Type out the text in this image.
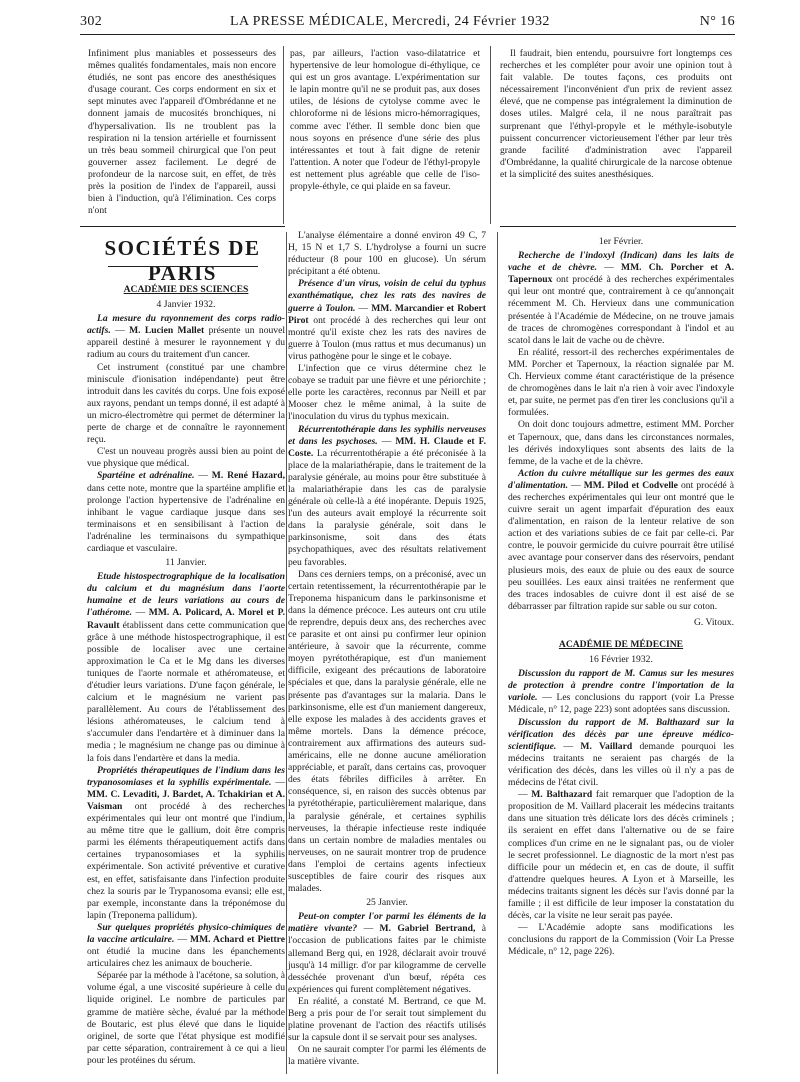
302	LA PRESSE MÉDICALE, Mercredi, 24 Février 1932	N° 16

Infiniment plus maniables et possesseurs des mêmes qualités fondamentales, mais non encore étudiés, ne sont pas encore des anesthésiques d'usage courant. Ces corps endorment en six et sept minutes avec l'appareil d'Ombrédanne et ne donnent jamais de mucosités bronchiques, ni d'hypersalivation. Ils ne troublent pas la respiration ni la tension artérielle et fournissent un très beau sommeil chirurgical que l'on peut gouverner assez facilement. Le degré de profondeur de la narcose suit, en effet, de très près la position de l'index de l'appareil, aussi bien à l'induction, qu'à l'élimination. Ces corps n'ont

pas, par ailleurs, l'action vaso-dilatatrice et hypertensive de leur homologue di-éthylique, ce qui est un gros avantage. L'expérimentation sur le lapin montre qu'il ne se produit pas, aux doses utiles, de lésions de cytolyse comme avec le chloroforme ni de lésions micro-hémorragiques, comme avec l'éther. Il semble donc bien que nous soyons en présence d'une série des plus intéressantes et tout à fait digne de retenir l'attention. A noter que l'odeur de l'éthyl-propyle est nettement plus agréable que celle de l'iso-propyle-éthyle, ce qui plaide en sa faveur.

Il faudrait, bien entendu, poursuivre fort longtemps ces recherches et les compléter pour avoir une opinion tout à fait valable. De toutes façons, ces produits ont nécessairement l'inconvénient d'un prix de revient assez élevé, que ne compense pas intégralement la diminution de doses utiles. Malgré cela, il ne nous paraîtrait pas surprenant que l'éthyl-propyle et le méthyle-isobutyle puissent concurrencer victorieusement l'éther par leur très grande facilité d'administration avec l'appareil d'Ombrédanne, la qualité chirurgicale de la narcose obtenue et la simplicité des suites anesthésiques.

SOCIÉTÉS DE PARIS

ACADÉMIE DES SCIENCES

4 Janvier 1932.

La mesure du rayonnement des corps radio-actifs. — M. Lucien Mallet présente un nouvel appareil destiné à mesurer le rayonnement γ du radium au cours du traitement d'un cancer.

Cet instrument (constitué par une chambre miniscule d'ionisation indépendante) peut être introduit dans les cavités du corps. Une fois exposé aux rayons, pendant un temps donné, il est adapté à un micro-électromètre qui permet de déterminer la perte de charge et de connaître le rayonnement reçu.

C'est un nouveau progrès aussi bien au point de vue physique que médical.

Spartéine et adrénaline. — M. René Hazard, dans cette note, montre que la spartéine amplifie et prolonge l'action hypertensive de l'adrénaline en inhibant le vague cardiaque jusque dans ses terminaisons et en sensibilisant à l'action de l'adrénaline les terminaisons du sympathique cardiaque et vasculaire.

11 Janvier.

Etude histospectrographique de la localisation du calcium et du magnésium dans l'aorte humaine et de leurs variations au cours de l'athérome. — MM. A. Policard, A. Morel et P. Ravault établissent dans cette communication que grâce à une méthode histospectrographique, il est possible de localiser avec une certaine approximation le Ca et le Mg dans les diverses tuniques de l'aorte normale et athéromateuse, et d'étudier leurs variations. D'une façon générale, le calcium et le magnésium ne varient pas parallèlement. Au cours de l'établissement des lésions athéromateuses, le calcium tend à s'accumuler dans l'endartère et à diminuer dans la media ; le magnésium ne change pas ou diminue à la fois dans l'endartère et dans la media.

Propriétés thérapeutiques de l'indium dans les trypanosomiases et la syphilis expérimentale. — MM. C. Levaditi, J. Bardet, A. Tchakirian et A. Vaisman ont procédé à des recherches expérimentales qui leur ont montré que l'indium, au même titre que le gallium, doit être compris parmi les éléments thérapeutiquement actifs dans certaines trypanosomiases et la syphilis expérimentale. Son activité préventive et curative est, en effet, satisfaisante dans l'infection produite chez la souris par le Trypanosoma evansi; elle est, par exemple, inconstante dans la tréponémose du lapin (Treponema pallidum).

Sur quelques propriétés physico-chimiques de la vaccine articulaire. — MM. Achard et Piettre ont étudié la mucine dans les épanchements articulaires chez les animaux de boucherie.

Séparée par la méthode à l'acétone, sa solution, à volume égal, a une viscosité supérieure à celle du liquide originel. Le nombre de particules par gramme de matière sèche, évalué par la méthode de Boutaric, est plus élevé que dans le liquide originel, de sorte que l'état physique est modifié par cette séparation, contrairement à ce qui a lieu pour les protéines du sérum.

L'analyse élémentaire a donné environ 49 C, 7 H, 15 N et 1,7 S. L'hydrolyse a fourni un sucre réducteur (8 pour 100 en glucose). Un sérum précipitant a été obtenu.

Présence d'un virus, voisin de celui du typhus exanthématique, chez les rats des navires de guerre à Toulon. — MM. Marcandier et Robert Pirot ont procédé à des recherches qui leur ont montré qu'il existe chez les rats des navires de guerre à Toulon (mus rattus et mus decumanus) un virus pathogène pour le singe et le cobaye.

L'infection que ce virus détermine chez le cobaye se traduit par une fièvre et une périorchite ; elle porte les caractères, reconnus par Neill et par Mooser chez le même animal, à la suite de l'inoculation du virus du typhus mexicain.

Récurrentothérapie dans les syphilis nerveuses et dans les psychoses. — MM. H. Claude et F. Coste. La récurrentothérapie a été préconisée à la place de la malariathérapie, dans le traitement de la paralysie générale, au moins pour être substituée à la malariathérapie dans les cas de paralysie générale où celle-là a été inopérante. Depuis 1925, l'un des auteurs avait employé la récurrente soit dans la paralysie générale, soit dans le parkinsonisme, soit dans des états psychopathiques, avec des résultats relativement peu favorables.

Dans ces derniers temps, on a préconisé, avec un certain retentissement, la récurrentothérapie par le Treponema hispanicum dans le parkinsonisme et dans la démence précoce. Les auteurs ont cru utile de reprendre, depuis deux ans, des recherches avec ce parasite et ont ainsi pu confirmer leur opinion antérieure, à savoir que la récurrente, comme moyen pyrétothérapique, est d'un maniement difficile, exigeant des précautions de laboratoire spéciales et que, dans la paralysie générale, elle ne présente pas d'avantages sur la malaria. Dans le parkinsonisme, elle est d'un maniement dangereux, elle expose les malades à des accidents graves et même mortels. Dans la démence précoce, contrairement aux affirmations des auteurs sud-américains, elle ne donne aucune amélioration appréciable, et paraît, dans certains cas, provoquer des états fébriles difficiles à arrêter. En conséquence, si, en raison des succès obtenus par la pyrétothérapie, particulièrement malarique, dans la paralysie générale, et certaines syphilis nerveuses, la thérapie infectieuse reste indiquée dans un certain nombre de maladies mentales ou nerveuses, on ne saurait montrer trop de prudence dans l'emploi de certains agents infectieux susceptibles de faire courir des risques aux malades.

25 Janvier.

Peut-on compter l'or parmi les éléments de la matière vivante? — M. Gabriel Bertrand, à l'occasion de publications faites par le chimiste allemand Berg qui, en 1928, déclarait avoir trouvé jusqu'à 14 milligr. d'or par kilogramme de cervelle desséchée provenant d'un bœuf, répéta ces expériences qui furent complètement négatives.

En réalité, a constaté M. Bertrand, ce que M. Berg a pris pour de l'or serait tout simplement du platine provenant de l'action des réactifs utilisés sur la capsule dont il se servait pour ses analyses.

On ne saurait compter l'or parmi les éléments de la matière vivante.

1er Février.

Recherche de l'indoxyl (Indican) dans les laits de vache et de chèvre. — MM. Ch. Porcher et A. Tapernoux ont procédé à des recherches expérimentales qui leur ont montré que, contrairement à ce qu'annonçait récemment M. Ch. Hervieux dans une communication présentée à l'Académie de Médecine, on ne trouve jamais de traces de chromogènes correspondant à l'indol et au scatol dans le lait de vache ou de chèvre.

En réalité, ressort-il des recherches expérimentales de MM. Porcher et Tapernoux, la réaction signalée par M. Ch. Hervieux comme étant caractéristique de la présence de chromogènes dans le lait n'a rien à voir avec l'indoxyle et, par suite, ne permet pas d'en tirer les conclusions qu'il a formulées.

On doit donc toujours admettre, estiment MM. Porcher et Tapernoux, que, dans dans les circonstances normales, les dérivés indoxyliques sont absents des laits de la femme, de la vache et de la chèvre.

Action du cuivre métallique sur les germes des eaux d'alimentation. — MM. Pilod et Codvelle ont procédé à des recherches expérimentales qui leur ont montré que le cuivre serait un agent imparfait d'épuration des eaux d'alimentation, en raison de la lenteur relative de son action et des variations subies de ce fait par celle-ci. Par contre, le pouvoir germicide du cuivre pourrait être utilisé avec avantage pour conserver dans des réservoirs, pendant plusieurs mois, des eaux de pluie ou des eaux de source peu souillées. Les eaux ainsi traitées ne renferment que des traces indosables de cuivre dont il est aisé de se débarrasser par filtration rapide sur sable ou sur coton.

G. Vitoux.

ACADÉMIE DE MÉDECINE

16 Février 1932.

Discussion du rapport de M. Camus sur les mesures de protection à prendre contre l'importation de la variole. — Les conclusions du rapport (voir La Presse Médicale, n° 12, page 223) sont adoptées sans discussion.

Discussion du rapport de M. Balthazard sur la vérification des décès par une épreuve médico-scientifique. — M. Vaillard demande pourquoi les médecins traitants ne seraient pas chargés de la vérification des décès, dans les villes où il n'y a pas de médecins de l'état civil.

— M. Balthazard fait remarquer que l'adoption de la proposition de M. Vaillard placerait les médecins traitants dans une situation très délicate lors des décès criminels ; ils seraient en effet dans l'alternative ou de se faire complices d'un crime en ne le signalant pas, ou de violer le secret professionnel. Le diagnostic de la mort n'est pas difficile pour un médecin et, en cas de doute, il suffit d'attendre quelques heures. A Lyon et à Marseille, les médecins traitants signent les décès sur l'avis donné par la famille ; il est difficile de leur imposer la constatation du décès, car la visite ne leur serait pas payée.

— L'Académie adopte sans modifications les conclusions du rapport de la Commission (Voir La Presse Médicale, n° 12, page 226).
